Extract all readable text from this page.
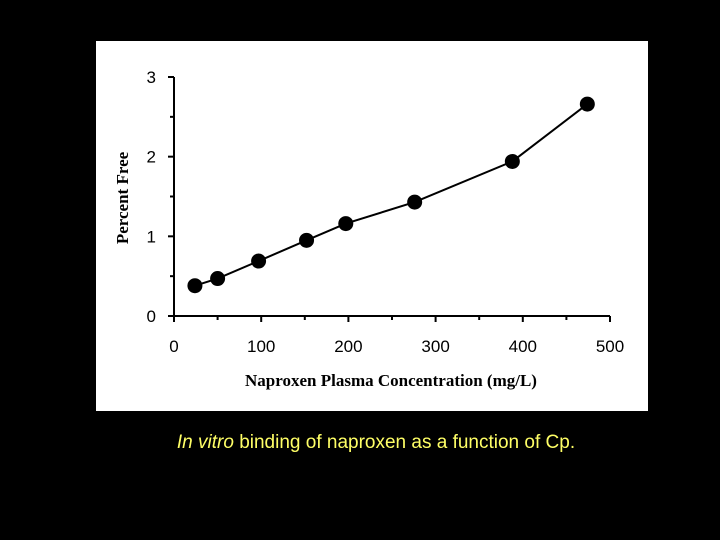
0
1
2
3
0	100	200	300	400	500
Naproxen Plasma Concentration (mg/L)
Percent Free
In vitro binding of naproxen as a function of Cp.
